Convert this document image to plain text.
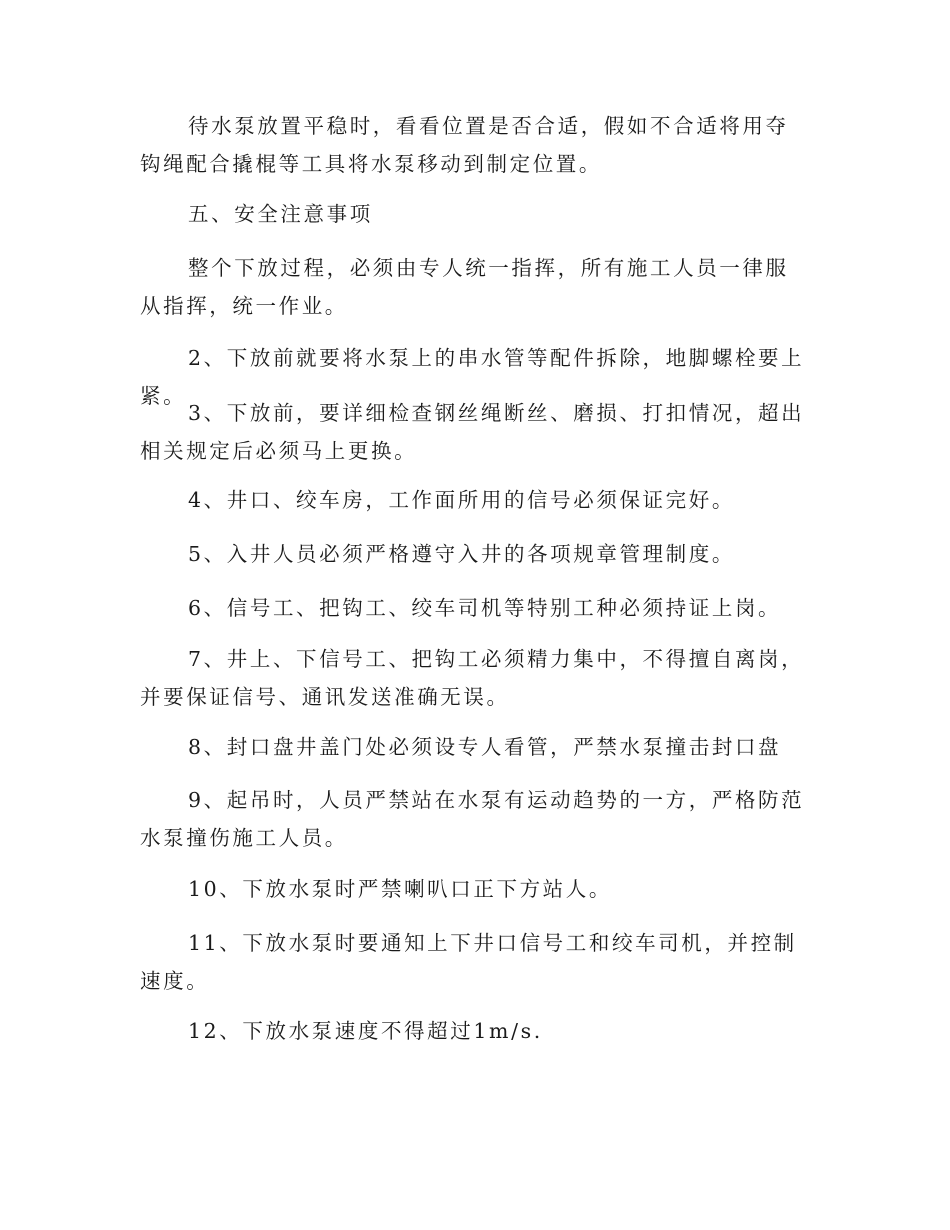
待水泵放置平稳时，看看位置是否合适，假如不合适将用夺钩绳配合撬棍等工具将水泵移动到制定位置。

五、安全注意事项

整个下放过程，必须由专人统一指挥，所有施工人员一律服从指挥，统一作业。

2、下放前就要将水泵上的串水管等配件拆除，地脚螺栓要上紧。

3、下放前，要详细检查钢丝绳断丝、磨损、打扣情况，超出相关规定后必须马上更换。

4、井口、绞车房，工作面所用的信号必须保证完好。

5、入井人员必须严格遵守入井的各项规章管理制度。

6、信号工、把钩工、绞车司机等特别工种必须持证上岗。

7、井上、下信号工、把钩工必须精力集中，不得擅自离岗，并要保证信号、通讯发送准确无误。

8、封口盘井盖门处必须设专人看管，严禁水泵撞击封口盘

9、起吊时，人员严禁站在水泵有运动趋势的一方，严格防范水泵撞伤施工人员。

10、下放水泵时严禁喇叭口正下方站人。

11、下放水泵时要通知上下井口信号工和绞车司机，并控制速度。

12、下放水泵速度不得超过1m/s.
